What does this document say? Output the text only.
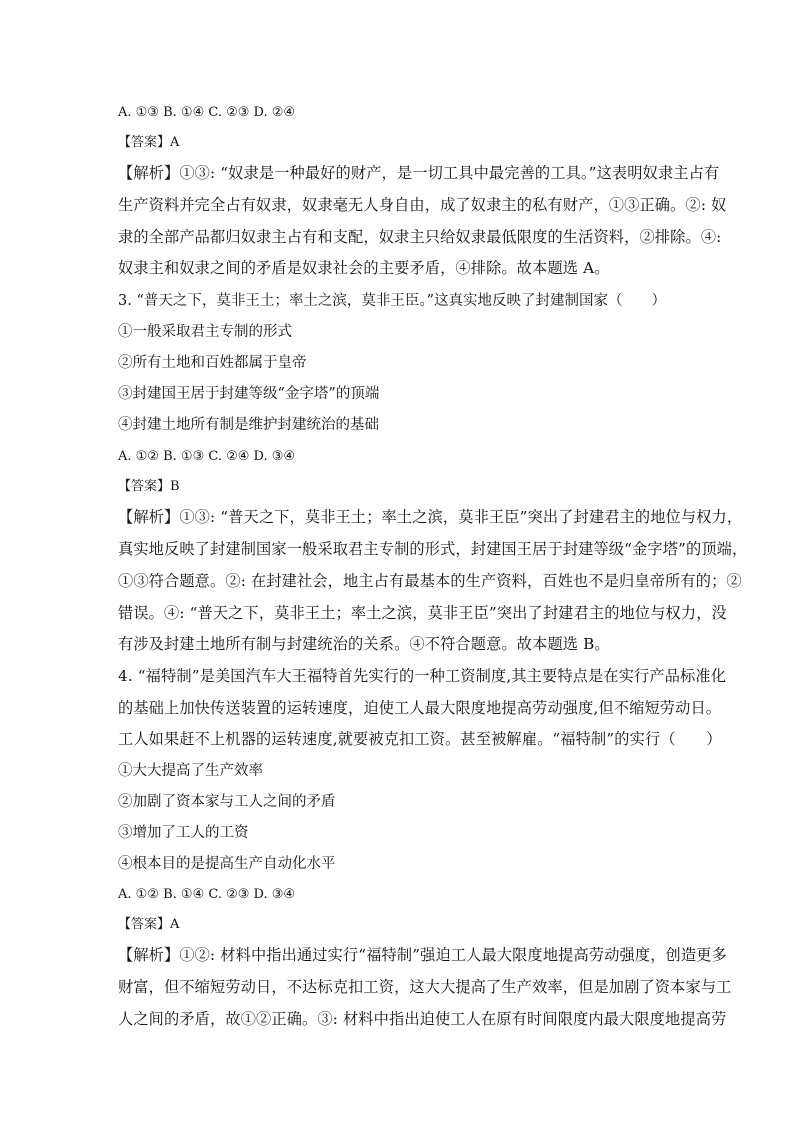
A. ①③ B. ①④ C. ②③ D. ②④
【答案】A
【解析】①③: “奴隶是一种最好的财产，是一切工具中最完善的工具。”这表明奴隶主占有
生产资料并完全占有奴隶，奴隶毫无人身自由，成了奴隶主的私有财产，①③正确。②: 奴
隶的全部产品都归奴隶主占有和支配，奴隶主只给奴隶最低限度的生活资料，②排除。④:
奴隶主和奴隶之间的矛盾是奴隶社会的主要矛盾，④排除。故本题选 A。
3. “普天之下，莫非王土；率土之滨，莫非王臣。”这真实地反映了封建制国家（　　）
①一般采取君主专制的形式
②所有土地和百姓都属于皇帝
③封建国王居于封建等级“金字塔”的顶端
④封建土地所有制是维护封建统治的基础
A. ①② B. ①③ C. ②④ D. ③④
【答案】B
【解析】①③: “普天之下，莫非王土；率土之滨，莫非王臣”突出了封建君主的地位与权力，
真实地反映了封建制国家一般采取君主专制的形式，封建国王居于封建等级“金字塔”的顶端，
①③符合题意。②: 在封建社会，地主占有最基本的生产资料，百姓也不是归皇帝所有的；②
错误。④: “普天之下，莫非王土；率土之滨，莫非王臣”突出了封建君主的地位与权力，没
有涉及封建土地所有制与封建统治的关系。④不符合题意。故本题选 B。
4. “福特制”是美国汽车大王福特首先实行的一种工资制度,其主要特点是在实行产品标准化
的基础上加快传送装置的运转速度，迫使工人最大限度地提高劳动强度,但不缩短劳动日。
工人如果赶不上机器的运转速度,就要被克扣工资。甚至被解雇。“福特制”的实行（　　）
①大大提高了生产效率
②加剧了资本家与工人之间的矛盾
③增加了工人的工资
④根本目的是提高生产自动化水平
A. ①② B. ①④ C. ②③ D. ③④
【答案】A
【解析】①②: 材料中指出通过实行“福特制”强迫工人最大限度地提高劳动强度，创造更多
财富，但不缩短劳动日，不达标克扣工资，这大大提高了生产效率，但是加剧了资本家与工
人之间的矛盾，故①②正确。③: 材料中指出迫使工人在原有时间限度内最大限度地提高劳
